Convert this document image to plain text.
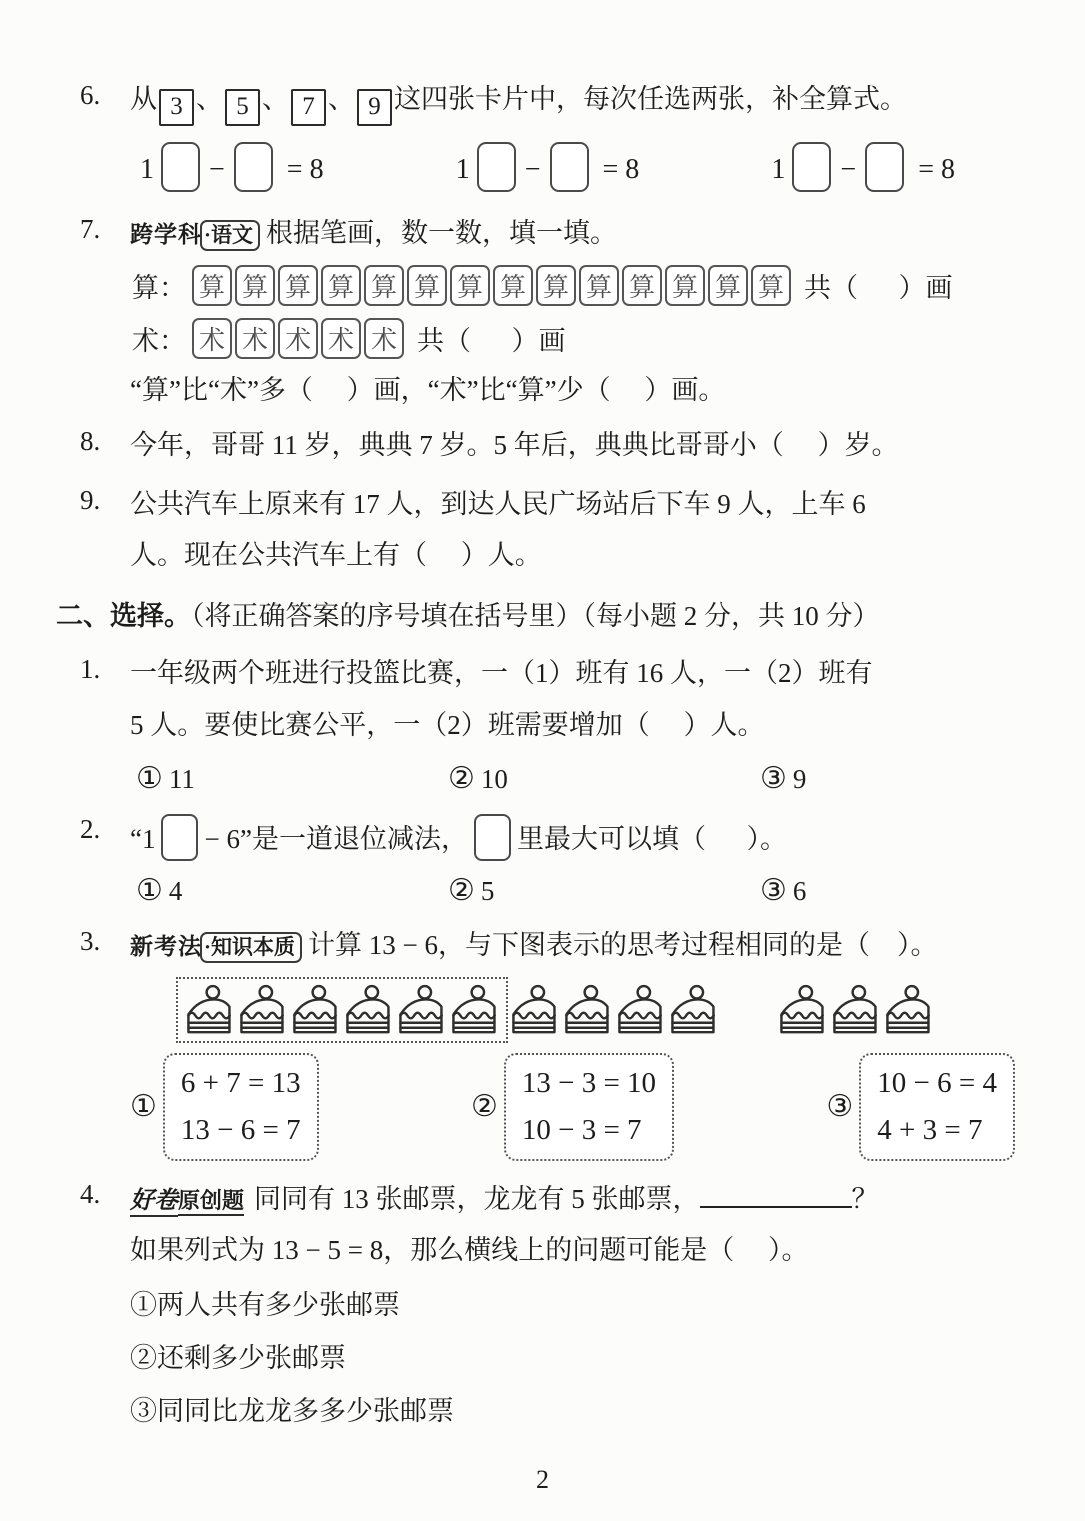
6.	从 3 、 5 、 7 、 9 这四张卡片中，每次任选两张，补全算式。
1 − = 8	1 − = 8	1 − = 8
7.	跨学科·语文 根据笔画，数一数，填一填。
算： 算 算 算 算 算 算 算 算 算 算 算 算 算 算 共（      ）画
术： 术 术 术 术 术 共（      ）画
“算”比“术”多（     ）画，“术”比“算”少（     ）画。
8.	今年，哥哥 11 岁，典典 7 岁。5 年后，典典比哥哥小（     ）岁。
9.	公共汽车上原来有 17 人，到达人民广场站后下车 9 人，上车 6
人。现在公共汽车上有（     ）人。
二、选择。（将正确答案的序号填在括号里）（每小题 2 分，共 10 分）
1.	一年级两个班进行投篮比赛，一（1）班有 16 人，一（2）班有
5 人。要使比赛公平，一（2）班需要增加（     ）人。
① 11	② 10	③ 9
2.	“1 − 6”是一道退位减法， 里最大可以填（      ）。
① 4	② 5	③ 6
3.	新考法·知识本质 计算 13 − 6，与下图表示的思考过程相同的是（    ）。
①
6 + 7 = 13
13 − 6 = 7
②
13 − 3 = 10
10 − 3 = 7
③
10 − 6 = 4
4 + 3 = 7
4.	好卷原创题 同同有 13 张邮票，龙龙有 5 张邮票，	？
如果列式为 13 − 5 = 8，那么横线上的问题可能是（     ）。
①两人共有多少张邮票
②还剩多少张邮票
③同同比龙龙多多少张邮票
2
